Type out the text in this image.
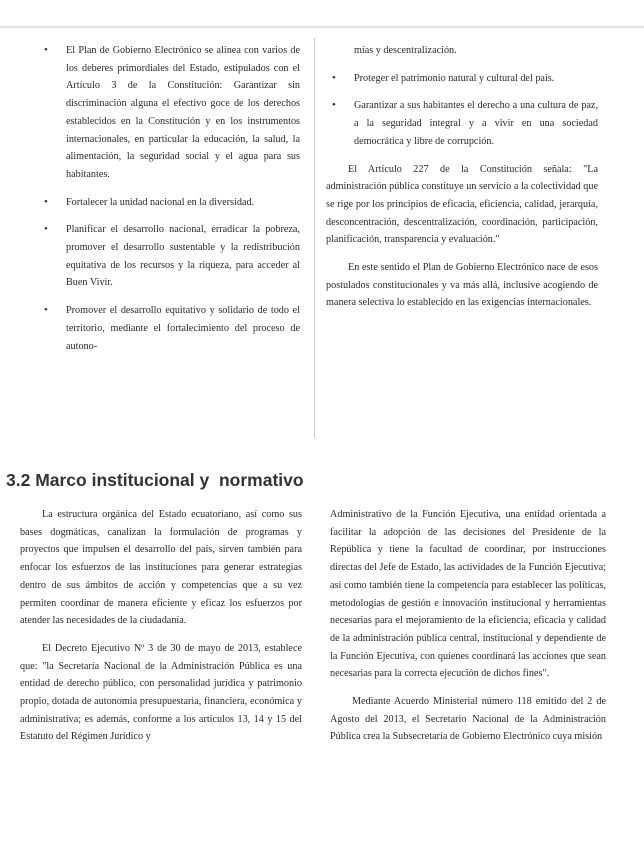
• El Plan de Gobierno Electrónico se alinea con varios de los deberes primordiales del Estado, estipulados con el Artículo 3 de la Constitución: Garantizar sin discriminación alguna el efectivo goce de los derechos establecidos en la Constitución y en los instrumentos internacionales, en particular la educación, la salud, la alimentación, la seguridad social y el agua para sus habitantes.
• Fortalecer la unidad nacional en la diversidad.
• Planificar el desarrollo nacional, erradicar la pobreza, promover el desarrollo sustentable y la redistribución equitativa de los recursos y la riqueza, para acceder al Buen Vivir.
• Promover el desarrollo equitativo y solidario de todo el territorio, mediante el fortalecimiento del proceso de autono-
mías y descentralización.
• Proteger el patrimonio natural y cultural del país.
• Garantizar a sus habitantes el derecho a una cultura de paz, a la seguridad integral y a vivir en una sociedad democrática y libre de corrupción.

El Artículo 227 de la Constitución señala: "La administración pública constituye un servicio a la colectividad que se rige por los principios de eficacia, eficiencia, calidad, jerarquía, desconcentración, descentralización, coordinación, participación, planificación, transparencia y evaluación."

En este sentido el Plan de Gobierno Electrónico nace de esos postulados constitucionales y va más allá, inclusive acogiendo de manera selectiva lo establecido en las exigencias internacionales.

3.2 Marco institucional y  normativo

La estructura orgánica del Estado ecuatoriano, así como sus bases dogmáticas, canalizan la formulación de programas y proyectos que impulsen el desarrollo del país, sirven también para enfocar los esfuerzos de las instituciones para generar estrategias dentro de sus ámbitos de acción y competencias que a su vez permiten coordinar de manera eficiente y eficaz los esfuerzos por atender las necesidades de la ciudadanía.

El Decreto Ejecutivo Nº 3 de 30 de mayo de 2013, establece que: "la Secretaría Nacional de la Administración Pública es una entidad de derecho público, con personalidad jurídica y patrimonio propio, dotada de autonomía presupuestaria, financiera, económica y administrativa; es además, conforme a los artículos 13, 14 y 15 del Estatuto del Régimen Jurídico y

Administrativo de la Función Ejecutiva, una entidad orientada a facilitar la adopción de las decisiones del Presidente de la República y tiene la facultad de coordinar, por instrucciones directas del Jefe de Estado, las actividades de la Función Ejecutiva; así como también tiene la competencia para establecer las políticas, metodologías de gestión e innovación institucional y herramientas necesarias para el mejoramiento de la eficiencia, eficacia y calidad de la administración pública central, institucional y dependiente de la Función Ejecutiva, con quienes coordinará las acciones que sean necesarias para la correcta ejecución de dichos fines".

Mediante Acuerdo Ministerial número 118 emitido del 2 de Agosto del 2013, el Secretario Nacional de la Administración Pública crea la Subsecretaría de Gobierno Electrónico cuya misión
